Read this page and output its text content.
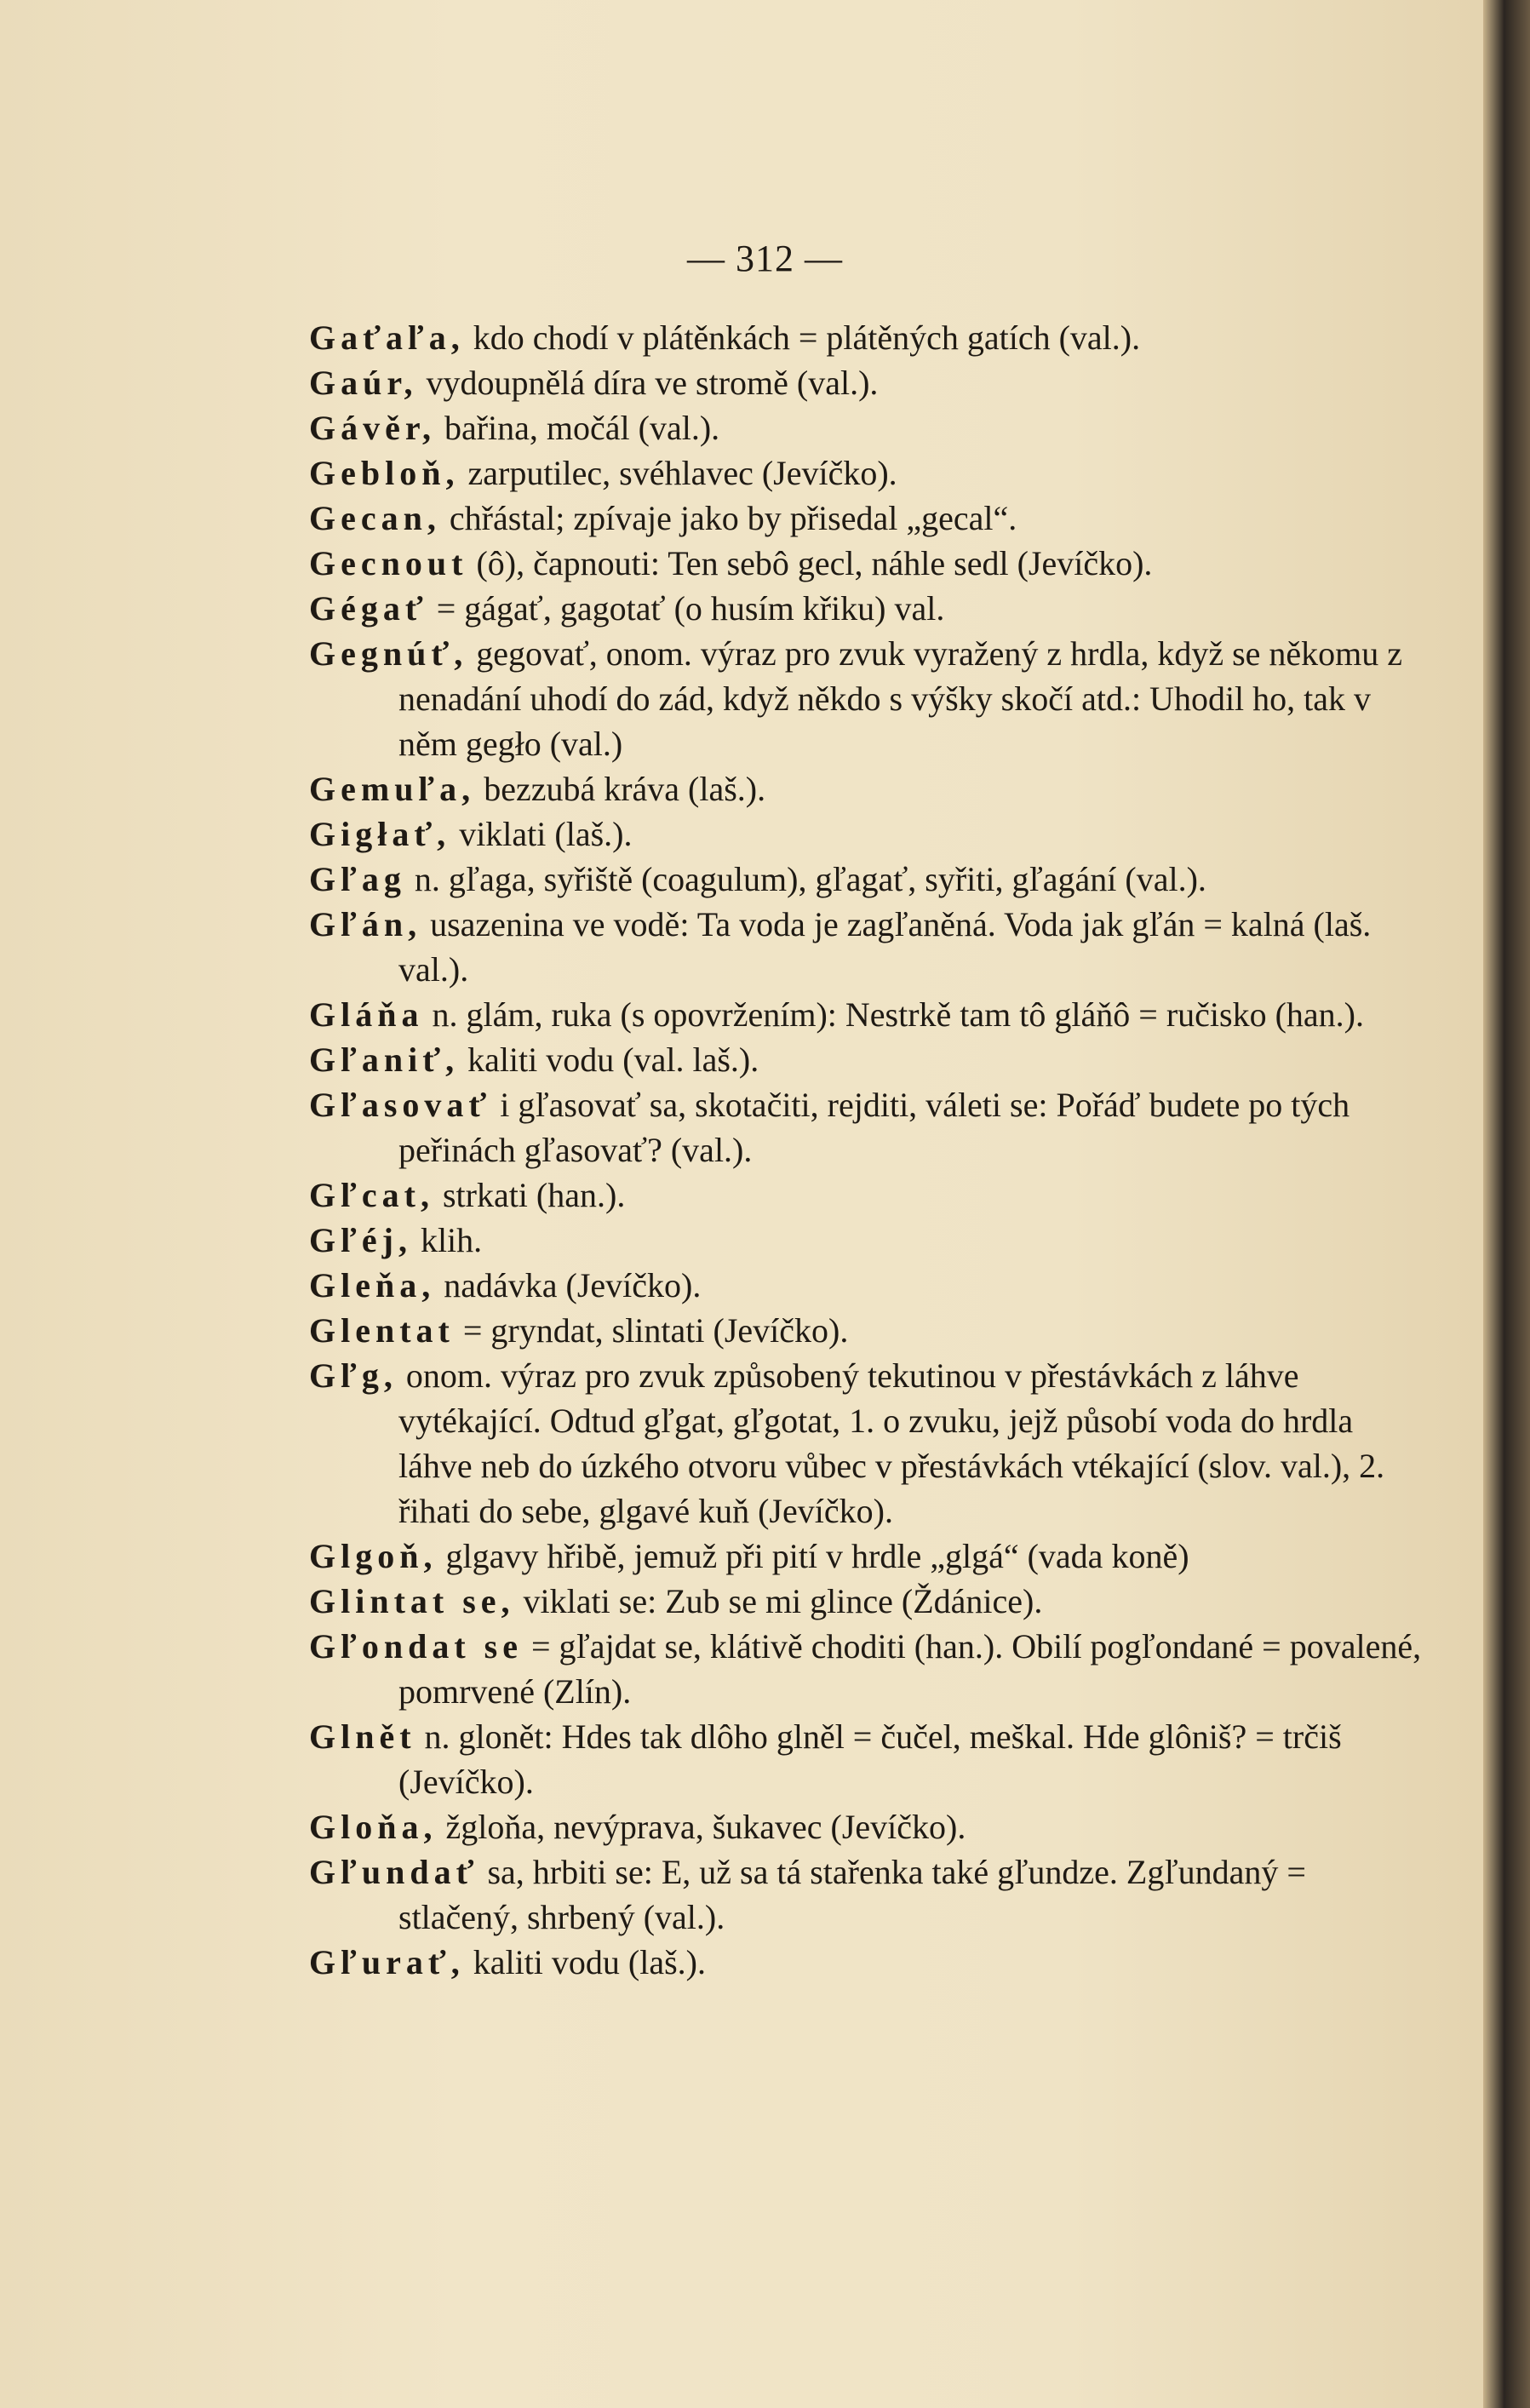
— 312 —

Gaťaľa, kdo chodí v plátěnkách = plátěných gatích (val.).

Gaúr, vydoupnělá díra ve stromě (val.).

Gávěr, bařina, močál (val.).

Gebloň, zarputilec, svéhlavec (Jevíčko).

Gecan, chřástal; zpívaje jako by přisedal „gecal“.

Gecnout (ô), čapnouti: Ten sebô gecl, náhle sedl (Jevíčko).

Gégať = gágať, gagotať (o husím křiku) val.

Gegnúť, gegovať, onom. výraz pro zvuk vyražený z hrdla, když se někomu z nenadání uhodí do zád, když někdo s výšky skočí atd.: Uhodil ho, tak v něm gegło (val.)

Gemuľa, bezzubá kráva (laš.).

Gigłať, viklati (laš.).

Gľag n. gľaga, syřiště (coagulum), gľagať, syřiti, gľagání (val.).

Gľán, usazenina ve vodě: Ta voda je zagľaněná. Voda jak gľán = kalná (laš. val.).

Gláňa n. glám, ruka (s opovržením): Nestrkě tam tô gláňô = ručisko (han.).

Gľaniť, kaliti vodu (val. laš.).

Gľasovať i gľasovať sa, skotačiti, rejditi, váleti se: Pořáď budete po tých peřinách gľasovať? (val.).

Gľcat, strkati (han.).

Gľéj, klih.

Gleňa, nadávka (Jevíčko).

Glentat = gryndat, slintati (Jevíčko).

Gľg, onom. výraz pro zvuk způsobený tekutinou v přestávkách z láhve vytékající. Odtud gľgat, gľgotat, 1. o zvuku, jejž působí voda do hrdla láhve neb do úzkého otvoru vůbec v přestávkách vtékající (slov. val.), 2. řihati do sebe, glgavé kuň (Jevíčko).

Glgoň, glgavy hřibě, jemuž při pití v hrdle „glgá“ (vada koně)

Glintat se, viklati se: Zub se mi glince (Ždánice).

Gľondat se = gľajdat se, klátivě choditi (han.). Obilí pogľondané = povalené, pomrvené (Zlín).

Glnět n. glonět: Hdes tak dlôho glněl = čučel, meškal. Hde glôniš? = trčiš (Jevíčko).

Gloňa, žgloňa, nevýprava, šukavec (Jevíčko).

Gľundať sa, hrbiti se: E, už sa tá stařenka také gľundze. Zgľundaný = stlačený, shrbený (val.).

Gľurať, kaliti vodu (laš.).
